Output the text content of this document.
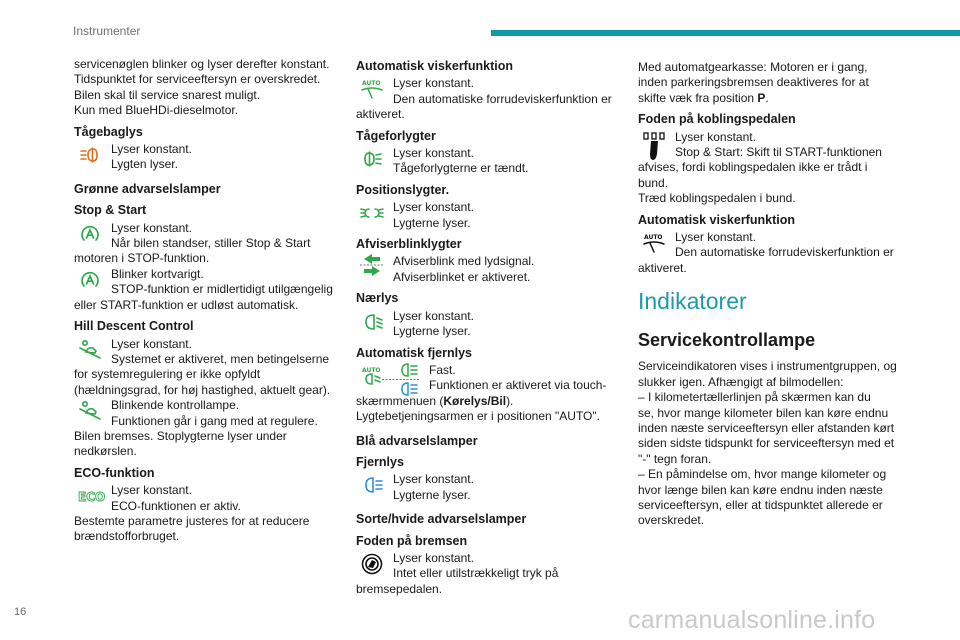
Instrumenter

servicenøglen blinker og lyser derefter konstant.

Tidspunktet for serviceeftersyn er overskredet.

Bilen skal til service snarest muligt.

Kun med BlueHDi-dieselmotor.

Tågebaglys

Lyser konstant.

Lygten lyser.

Grønne advarselslamper

Stop & Start

Lyser konstant.

Når bilen standser, stiller Stop & Start

motoren i STOP-funktion.

Blinker kortvarigt.

STOP-funktion er midlertidigt utilgængelig

eller START-funktion er udløst automatisk.

Hill Descent Control

Lyser konstant.

Systemet er aktiveret, men betingelserne

for systemregulering er ikke opfyldt

(hældningsgrad, for høj hastighed, aktuelt gear).

Blinkende kontrollampe.

Funktionen går i gang med at regulere.

Bilen bremses. Stoplygterne lyser under

nedkørslen.

ECO-funktion

ECO Lyser konstant.

ECO-funktionen er aktiv.

Bestemte parametre justeres for at reducere

brændstofforbruget.

Automatisk viskerfunktion

AUTO	Lyser konstant.

Den automatiske forrudeviskerfunktion er

aktiveret.

Tågeforlygter

Lyser konstant.

Tågeforlygterne er tændt.

Positionslygter.

Lyser konstant.

Lygterne lyser.

Afviserblinklygter

Afviserblink med lydsignal.

Afviserblinket er aktiveret.

Nærlys

Lyser konstant.

Lygterne lyser.

Automatisk fjernlys

AUTO	Fast.

Funktionen er aktiveret via touch-

skærmmenuen (Kørelys/Bil).

Lygtebetjeningsarmen er i positionen "AUTO".

Blå advarselslamper

Fjernlys

Lyser konstant.

Lygterne lyser.

Sorte/hvide advarselslamper

Foden på bremsen

Lyser konstant.

Intet eller utilstrækkeligt tryk på

bremsepedalen.

Med automatgearkasse: Motoren er i gang,

inden parkeringsbremsen deaktiveres for at

skifte væk fra position P.

Foden på koblingspedalen

Lyser konstant.

Stop & Start: Skift til START-funktionen

afvises, fordi koblingspedalen ikke er trådt i

bund.

Træd koblingspedalen i bund.

Automatisk viskerfunktion

AUTO	Lyser konstant.

Den automatiske forrudeviskerfunktion er

aktiveret.

Indikatorer

Servicekontrollampe

Serviceindikatoren vises i instrumentgruppen, og

slukker igen. Afhængigt af bilmodellen:

– I kilometertællerlinjen på skærmen kan du

se, hvor mange kilometer bilen kan køre endnu

inden næste serviceeftersyn eller afstanden kørt

siden sidste tidspunkt for serviceeftersyn med et

"-" tegn foran.

– En påmindelse om, hvor mange kilometer og

hvor længe bilen kan køre endnu inden næste

serviceeftersyn, eller at tidspunktet allerede er

overskredet.

16	carmanualsonline.info
